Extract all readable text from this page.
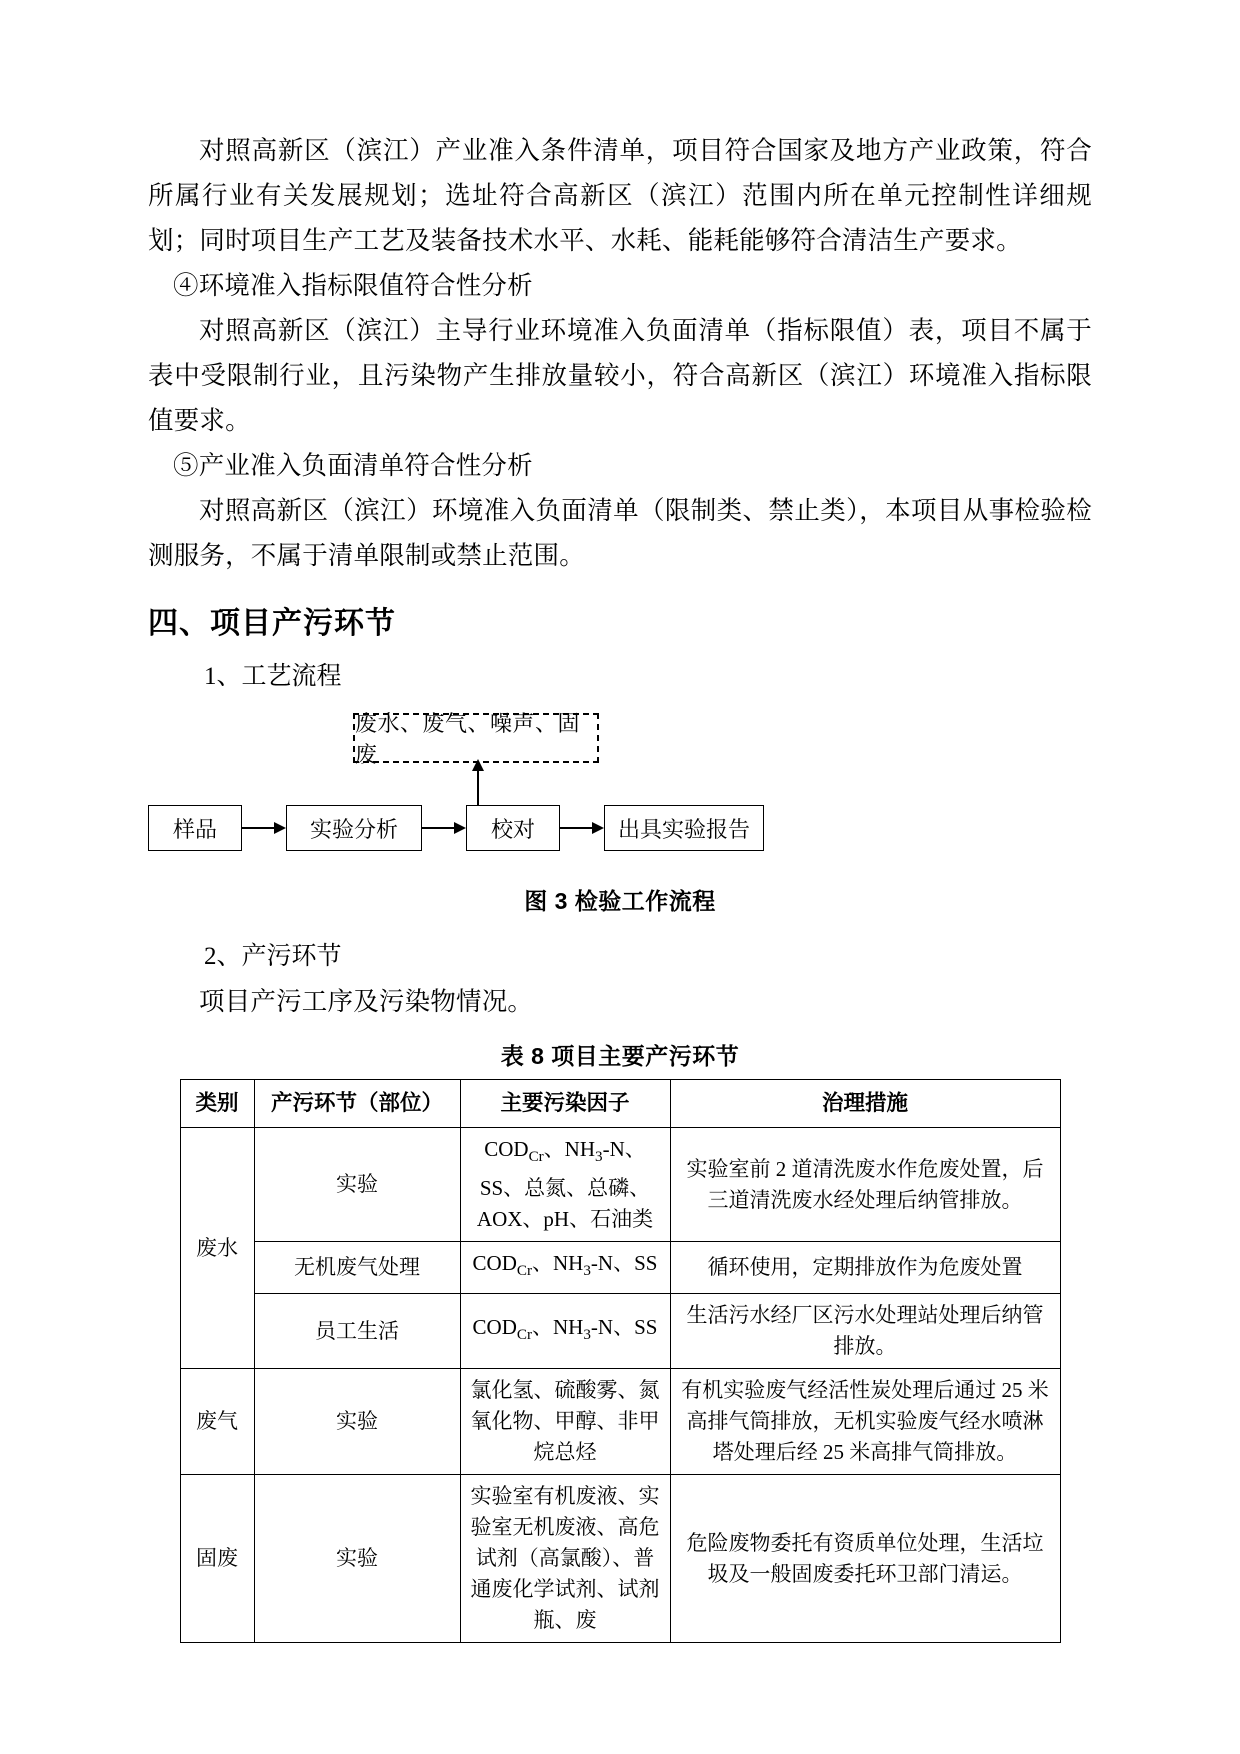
对照高新区（滨江）产业准入条件清单，项目符合国家及地方产业政策，符合所属行业有关发展规划；选址符合高新区（滨江）范围内所在单元控制性详细规划；同时项目生产工艺及装备技术水平、水耗、能耗能够符合清洁生产要求。

④环境准入指标限值符合性分析

对照高新区（滨江）主导行业环境准入负面清单（指标限值）表，项目不属于表中受限制行业，且污染物产生排放量较小，符合高新区（滨江）环境准入指标限值要求。

⑤产业准入负面清单符合性分析

对照高新区（滨江）环境准入负面清单（限制类、禁止类），本项目从事检验检测服务，不属于清单限制或禁止范围。

四、项目产污环节

1、工艺流程

废水、废气、噪声、固废
样品	实验分析	校对	出具实验报告
图 3 检验工作流程

2、产污环节

项目产污工序及污染物情况。

表 8 项目主要产污环节
类别	产污环节（部位）	主要污染因子	治理措施
废水	实验	$COD_{Cr}$、$NH_3-N$、SS、总氮、总磷、AOX、pH、石油类	实验室前 2 道清洗废水作危废处置，后三道清洗废水经处理后纳管排放。
	无机废气处理	$COD_{Cr}$、$NH_3-N$、SS	循环使用，定期排放作为危废处置
	员工生活	$COD_{Cr}$、$NH_3-N$、SS	生活污水经厂区污水处理站处理后纳管排放。
废气	实验	氯化氢、硫酸雾、氮氧化物、甲醇、非甲烷总烃	有机实验废气经活性炭处理后通过 25 米高排气筒排放，无机实验废气经水喷淋塔处理后经 25 米高排气筒排放。
固废	实验	实验室有机废液、实验室无机废液、高危试剂（高氯酸）、普通废化学试剂、试剂瓶、废	危险废物委托有资质单位处理，生活垃圾及一般固废委托环卫部门清运。
